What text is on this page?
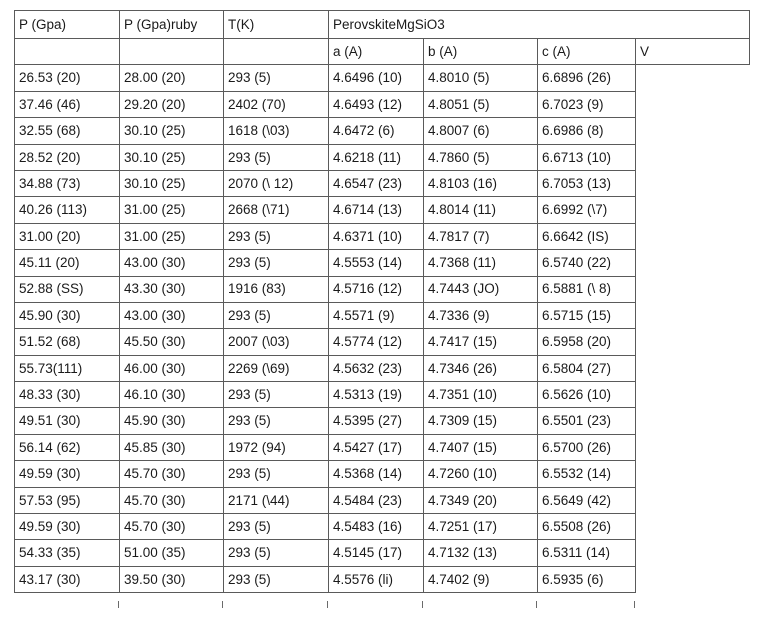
P (Gpa)	P (Gpa)ruby	T(K)	PerovskiteMgSiO3			
			a (A)	b (A)	c (A)	V
26.53 (20)	28.00 (20)	293 (5)	4.6496 (10)	4.8010 (5)	6.6896 (26)	
37.46 (46)	29.20 (20)	2402 (70)	4.6493 (12)	4.8051 (5)	6.7023 (9)	
32.55 (68)	30.10 (25)	1618 (\03)	4.6472 (6)	4.8007 (6)	6.6986 (8)	
28.52 (20)	30.10 (25)	293 (5)	4.6218 (11)	4.7860 (5)	6.6713 (10)	
34.88 (73)	30.10 (25)	2070 (\ 12)	4.6547 (23)	4.8103 (16)	6.7053 (13)	
40.26 (113)	31.00 (25)	2668 (\71)	4.6714 (13)	4.8014 (11)	6.6992 (\7)	
31.00 (20)	31.00 (25)	293 (5)	4.6371 (10)	4.7817 (7)	6.6642 (IS)	
45.11 (20)	43.00 (30)	293 (5)	4.5553 (14)	4.7368 (11)	6.5740 (22)	
52.88 (SS)	43.30 (30)	1916 (83)	4.5716 (12)	4.7443 (JO)	6.5881 (\ 8)	
45.90 (30)	43.00 (30)	293 (5)	4.5571 (9)	4.7336 (9)	6.5715 (15)	
51.52 (68)	45.50 (30)	2007 (\03)	4.5774 (12)	4.7417 (15)	6.5958 (20)	
55.73(111)	46.00 (30)	2269 (\69)	4.5632 (23)	4.7346 (26)	6.5804 (27)	
48.33 (30)	46.10 (30)	293 (5)	4.5313 (19)	4.7351 (10)	6.5626 (10)	
49.51 (30)	45.90 (30)	293 (5)	4.5395 (27)	4.7309 (15)	6.5501 (23)	
56.14 (62)	45.85 (30)	1972 (94)	4.5427 (17)	4.7407 (15)	6.5700 (26)	
49.59 (30)	45.70 (30)	293 (5)	4.5368 (14)	4.7260 (10)	6.5532 (14)	
57.53 (95)	45.70 (30)	2171 (\44)	4.5484 (23)	4.7349 (20)	6.5649 (42)	
49.59 (30)	45.70 (30)	293 (5)	4.5483 (16)	4.7251 (17)	6.5508 (26)	
54.33 (35)	51.00 (35)	293 (5)	4.5145 (17)	4.7132 (13)	6.5311 (14)	
43.17 (30)	39.50 (30)	293 (5)	4.5576 (li)	4.7402 (9)	6.5935 (6)	
